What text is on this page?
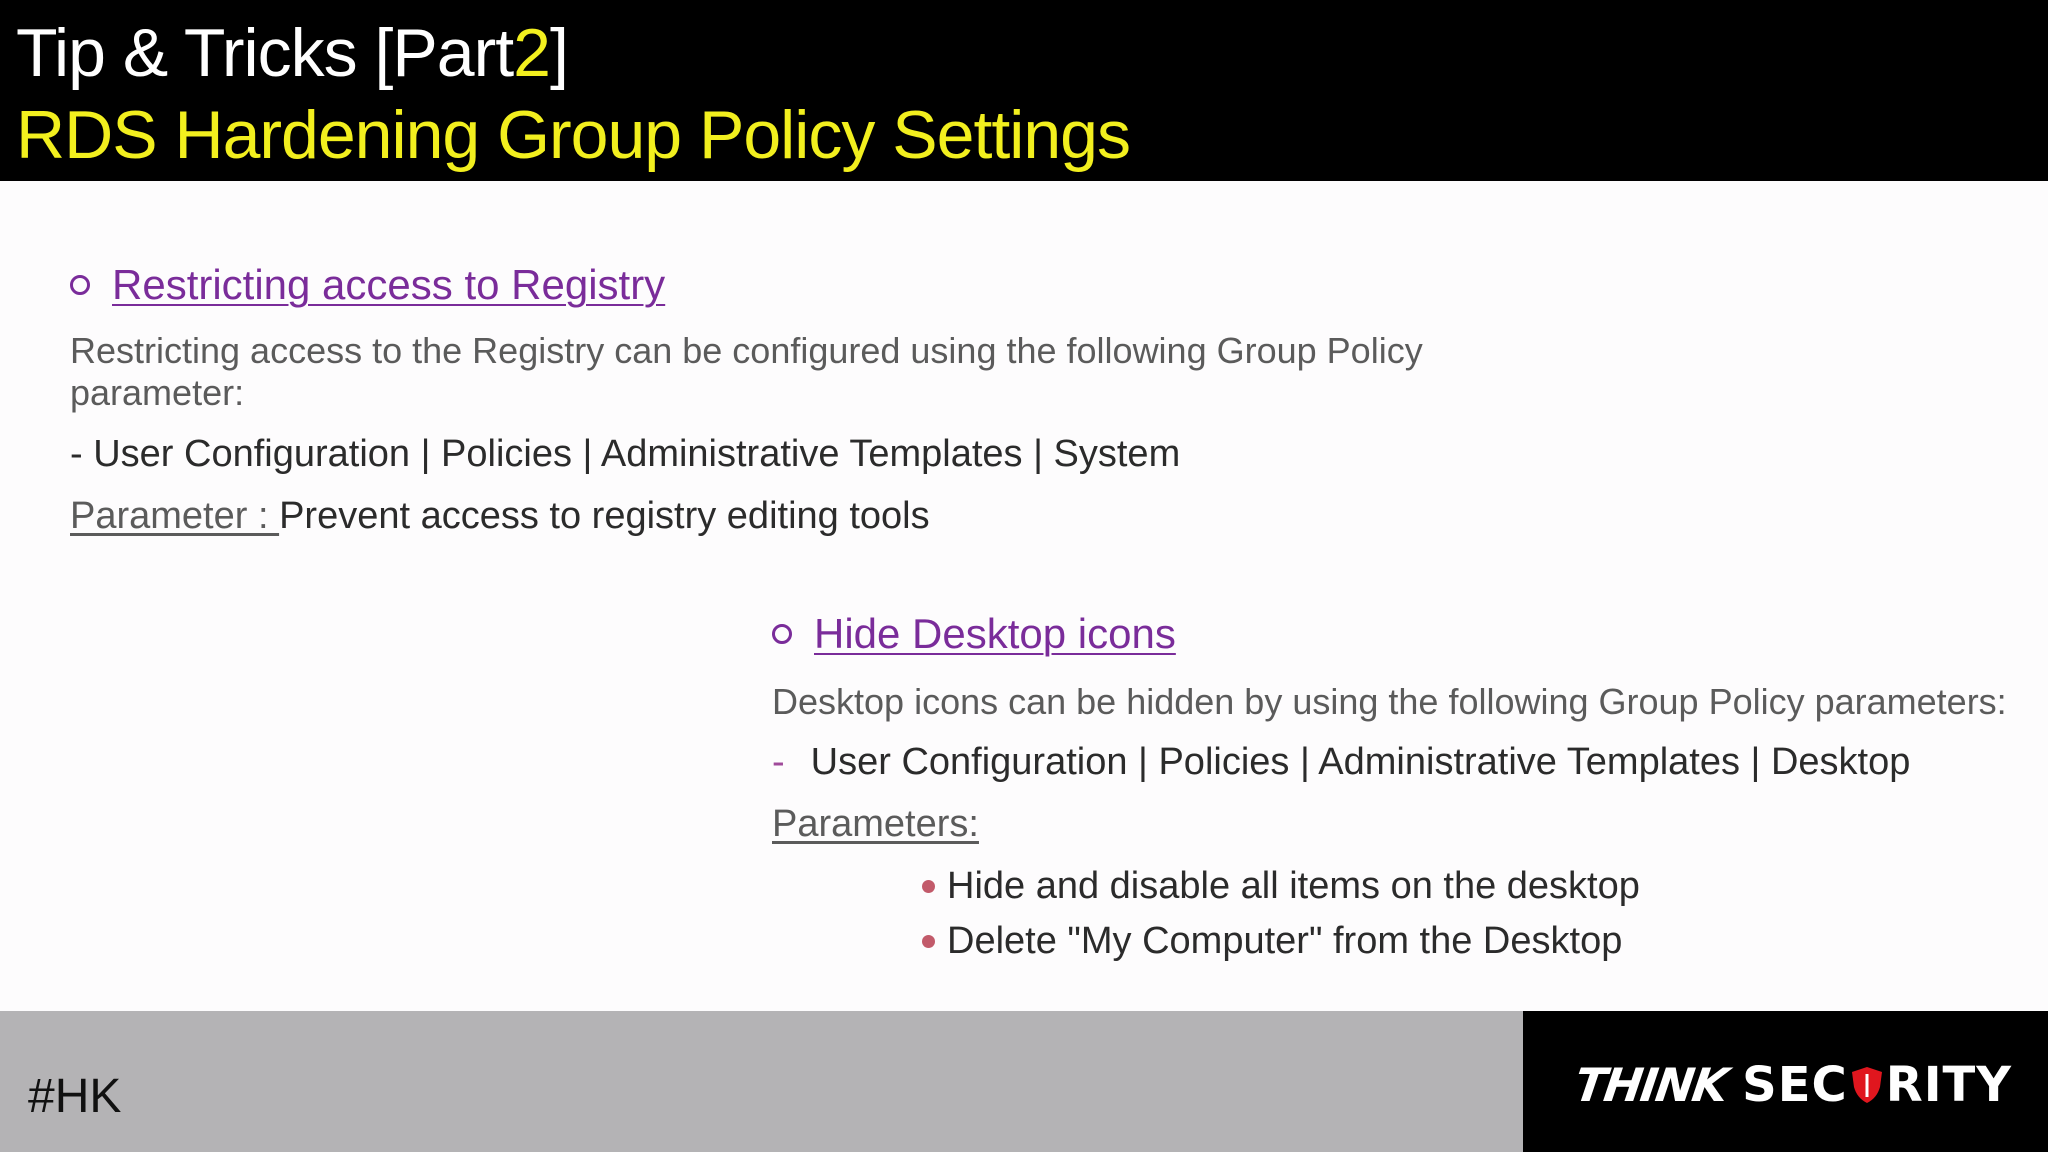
Tip & Tricks [Part2]
RDS Hardening Group Policy Settings
Restricting access to Registry
Restricting access to the Registry can be configured using the following Group Policy
parameter:
- User Configuration | Policies | Administrative Templates | System
Parameter : Prevent access to registry editing tools
Hide Desktop icons
Desktop icons can be hidden by using the following Group Policy parameters:
- User Configuration | Policies | Administrative Templates | Desktop
Parameters:
Hide and disable all items on the desktop
Delete "My Computer" from the Desktop
#HK	THINK SEC RITY
